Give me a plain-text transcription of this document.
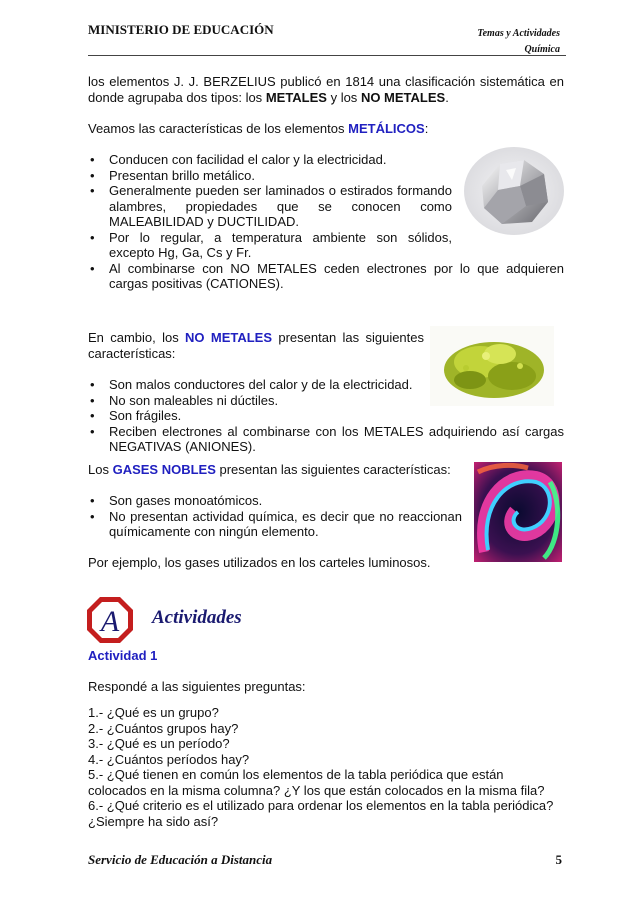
MINISTERIO DE EDUCACIÓN	Temas y Actividades
Química

los elementos J. J. BERZELIUS publicó en 1814 una clasificación sistemática en donde agrupaba dos tipos: los METALES y los NO METALES.

Veamos las características de los elementos METÁLICOS:

• Conducen con facilidad el calor y la electricidad.
• Presentan brillo metálico.
• Generalmente pueden ser laminados o estirados formando alambres, propiedades que se conocen como MALEABILIDAD y DUCTILIDAD.
• Por lo regular, a temperatura ambiente son sólidos, excepto Hg, Ga, Cs y Fr.
• Al combinarse con NO METALES ceden electrones por lo que adquieren cargas positivas (CATIONES).

En cambio, los NO METALES presentan las siguientes características:

• Son malos conductores del calor y de la electricidad.
• No son maleables ni dúctiles.
• Son frágiles.
• Reciben electrones al combinarse con los METALES adquiriendo así cargas NEGATIVAS (ANIONES).

Los GASES NOBLES presentan las siguientes características:

• Son gases monoatómicos.
• No presentan actividad química, es decir que no reaccionan químicamente con ningún elemento.

Por ejemplo, los gases utilizados en los carteles luminosos.

A Actividades

Actividad 1

Respondé a las siguientes preguntas:

1.- ¿Qué es un grupo?
2.- ¿Cuántos grupos hay?
3.- ¿Qué es un período?
4.- ¿Cuántos períodos hay?
5.- ¿Qué tienen en común los elementos de la tabla periódica que están colocados en la misma columna? ¿Y los que están colocados en la misma fila?
6.- ¿Qué criterio es el utilizado para ordenar los elementos en la tabla periódica? ¿Siempre ha sido así?
Servicio de Educación a Distancia	5
